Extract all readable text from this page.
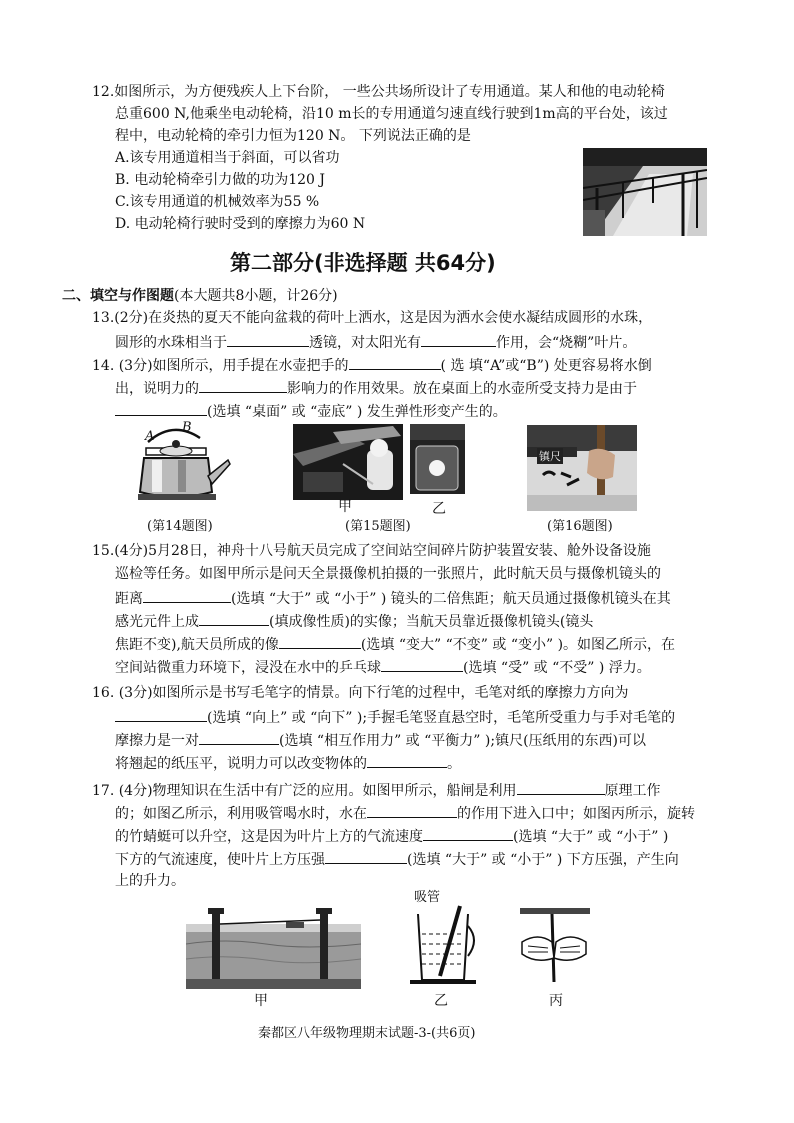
12.如图所示，为方便残疾人上下台阶， 一些公共场所设计了专用通道。某人和他的电动轮椅
总重600 N,他乘坐电动轮椅，沿10 m长的专用通道匀速直线行驶到1m高的平台处，该过
程中，电动轮椅的牵引力恒为120 N。 下列说法正确的是
A.该专用通道相当于斜面，可以省功
B. 电动轮椅牵引力做的功为120 J
C.该专用通道的机械效率为55 %
D. 电动轮椅行驶时受到的摩擦力为60 N
第二部分(非选择题 共64分)
二、填空与作图题(本大题共8小题，计26分)
13.(2分)在炎热的夏天不能向盆栽的荷叶上洒水，这是因为洒水会使水凝结成圆形的水珠，
圆形的水珠相当于	透镜，对太阳光有	作用，会“烧糊”叶片。
14. (3分)如图所示，用手提在水壶把手的	( 选 填“A”或“B”) 处更容易将水倒
出，说明力的	影响力的作用效果。放在桌面上的水壶所受支持力是由于
(选填 “桌面” 或 “壶底” ) 发生弹性形变产生的。
A
B
甲	乙
镇尺
(第14题图)	(第15题图)	(第16题图)
15.(4分)5月28日，神舟十八号航天员完成了空间站空间碎片防护装置安装、舱外设备设施
巡检等任务。如图甲所示是问天全景摄像机拍摄的一张照片，此时航天员与摄像机镜头的
距离	(选填 “大于” 或 “小于” ) 镜头的二倍焦距；航天员通过摄像机镜头在其
感光元件上成	(填成像性质)的实像；当航天员靠近摄像机镜头(镜头
焦距不变),航天员所成的像	(选填 “变大” “不变” 或 “变小” )。如图乙所示，在
空间站微重力环境下，浸没在水中的乒乓球	(选填 “受” 或 “不受” ) 浮力。
16. (3分)如图所示是书写毛笔字的情景。向下行笔的过程中，毛笔对纸的摩擦力方向为
(选填 “向上” 或 “向下” );手握毛笔竖直悬空时，毛笔所受重力与手对毛笔的
摩擦力是一对	(选填 “相互作用力” 或 “平衡力” );镇尺(压纸用的东西)可以
将翘起的纸压平，说明力可以改变物体的	。
17. (4分)物理知识在生活中有广泛的应用。如图甲所示，船闸是利用	原理工作
的；如图乙所示，利用吸管喝水时，水在	的作用下进入口中；如图丙所示，旋转
的竹蜻蜓可以升空，这是因为叶片上方的气流速度	(选填 “大于” 或 “小于” )
下方的气流速度，使叶片上方压强	(选填 “大于” 或 “小于” ) 下方压强，产生向
上的升力。
吸管
甲	乙	丙
秦都区八年级物理期末试题-3-(共6页)
